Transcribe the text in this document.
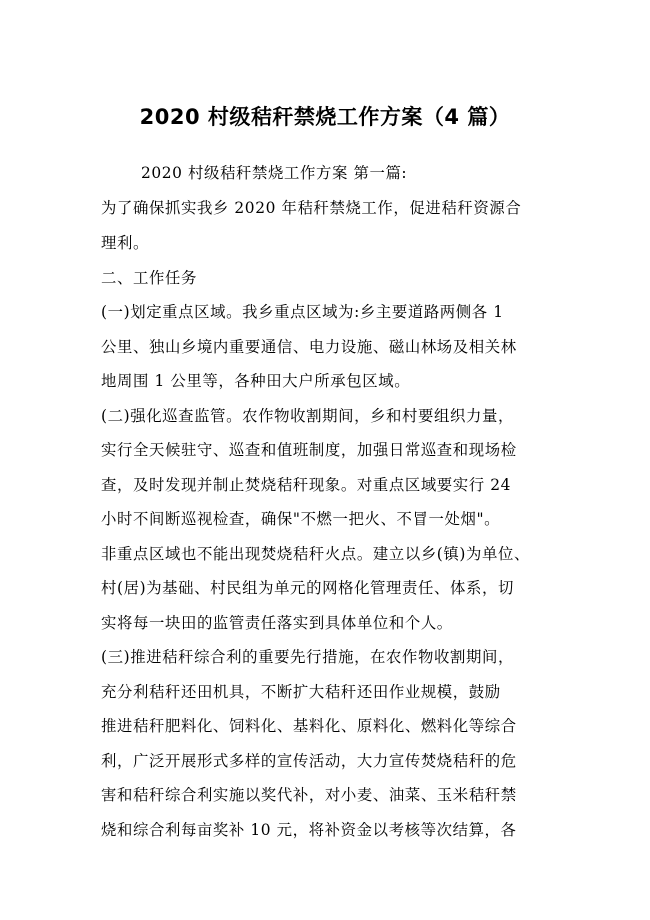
2020 村级秸秆禁烧工作方案（4 篇）
2020 村级秸秆禁烧工作方案 第一篇:
为了确保抓实我乡 2020 年秸秆禁烧工作，促进秸秆资源合
理利。
二、工作任务
(一)划定重点区域。我乡重点区域为:乡主要道路两侧各 1
公里、独山乡境内重要通信、电力设施、磁山林场及相关林
地周围 1 公里等，各种田大户所承包区域。
(二)强化巡查监管。农作物收割期间，乡和村要组织力量，
实行全天候驻守、巡查和值班制度，加强日常巡查和现场检
查，及时发现并制止焚烧秸秆现象。对重点区域要实行 24
小时不间断巡视检查，确保"不燃一把火、不冒一处烟"。
非重点区域也不能出现焚烧秸秆火点。建立以乡(镇)为单位、
村(居)为基础、村民组为单元的网格化管理责任、体系，切
实将每一块田的监管责任落实到具体单位和个人。
(三)推进秸秆综合利的重要先行措施，在农作物收割期间，
充分利秸秆还田机具，不断扩大秸秆还田作业规模，鼓励
推进秸秆肥料化、饲料化、基料化、原料化、燃料化等综合
利，广泛开展形式多样的宣传活动，大力宣传焚烧秸秆的危
害和秸秆综合利实施以奖代补，对小麦、油菜、玉米秸秆禁
烧和综合利每亩奖补 10 元，将补资金以考核等次结算，各
